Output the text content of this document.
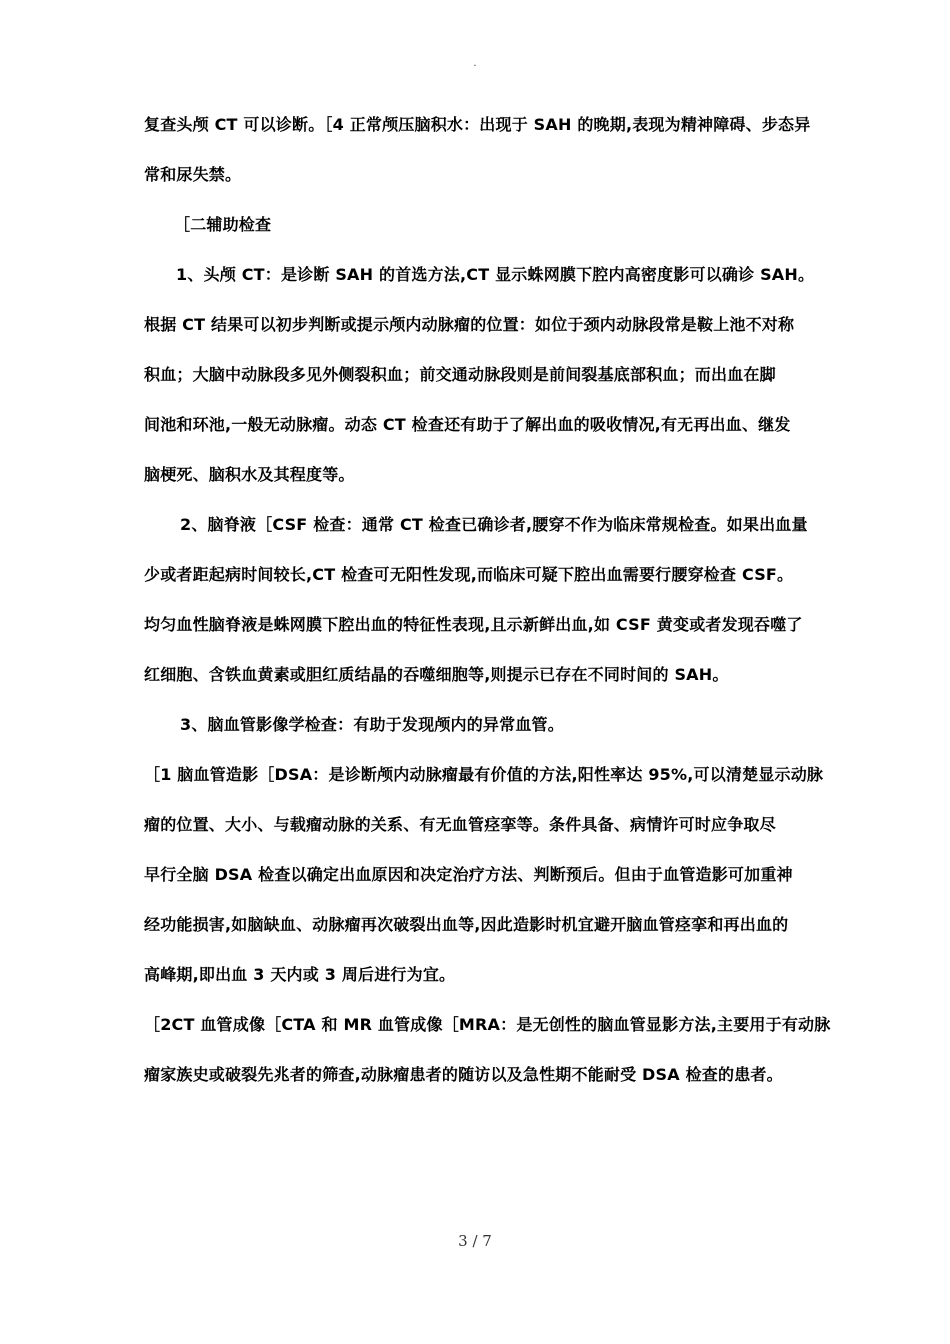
.
复查头颅 CT 可以诊断。［4 正常颅压脑积水：出现于 SAH 的晚期,表现为精神障碍、步态异
常和尿失禁。
［二辅助检查
1、头颅 CT：是诊断 SAH 的首选方法,CT 显示蛛网膜下腔内高密度影可以确诊 SAH。
根据 CT 结果可以初步判断或提示颅内动脉瘤的位置：如位于颈内动脉段常是鞍上池不对称
积血；大脑中动脉段多见外侧裂积血；前交通动脉段则是前间裂基底部积血；而出血在脚
间池和环池,一般无动脉瘤。动态 CT 检查还有助于了解出血的吸收情况,有无再出血、继发
脑梗死、脑积水及其程度等。
2、脑脊液［CSF 检查：通常 CT 检查已确诊者,腰穿不作为临床常规检查。如果出血量
少或者距起病时间较长,CT 检查可无阳性发现,而临床可疑下腔出血需要行腰穿检查 CSF。
均匀血性脑脊液是蛛网膜下腔出血的特征性表现,且示新鲜出血,如 CSF 黄变或者发现吞噬了
红细胞、含铁血黄素或胆红质结晶的吞噬细胞等,则提示已存在不同时间的 SAH。
3、脑血管影像学检查：有助于发现颅内的异常血管。
［1 脑血管造影［DSA：是诊断颅内动脉瘤最有价值的方法,阳性率达 95%,可以清楚显示动脉
瘤的位置、大小、与载瘤动脉的关系、有无血管痉挛等。条件具备、病情许可时应争取尽
早行全脑 DSA 检查以确定出血原因和决定治疗方法、判断预后。但由于血管造影可加重神
经功能损害,如脑缺血、动脉瘤再次破裂出血等,因此造影时机宜避开脑血管痉挛和再出血的
高峰期,即出血 3 天内或 3 周后进行为宜。
［2CT 血管成像［CTA 和 MR 血管成像［MRA：是无创性的脑血管显影方法,主要用于有动脉
瘤家族史或破裂先兆者的筛查,动脉瘤患者的随访以及急性期不能耐受 DSA 检查的患者。
3 / 7
